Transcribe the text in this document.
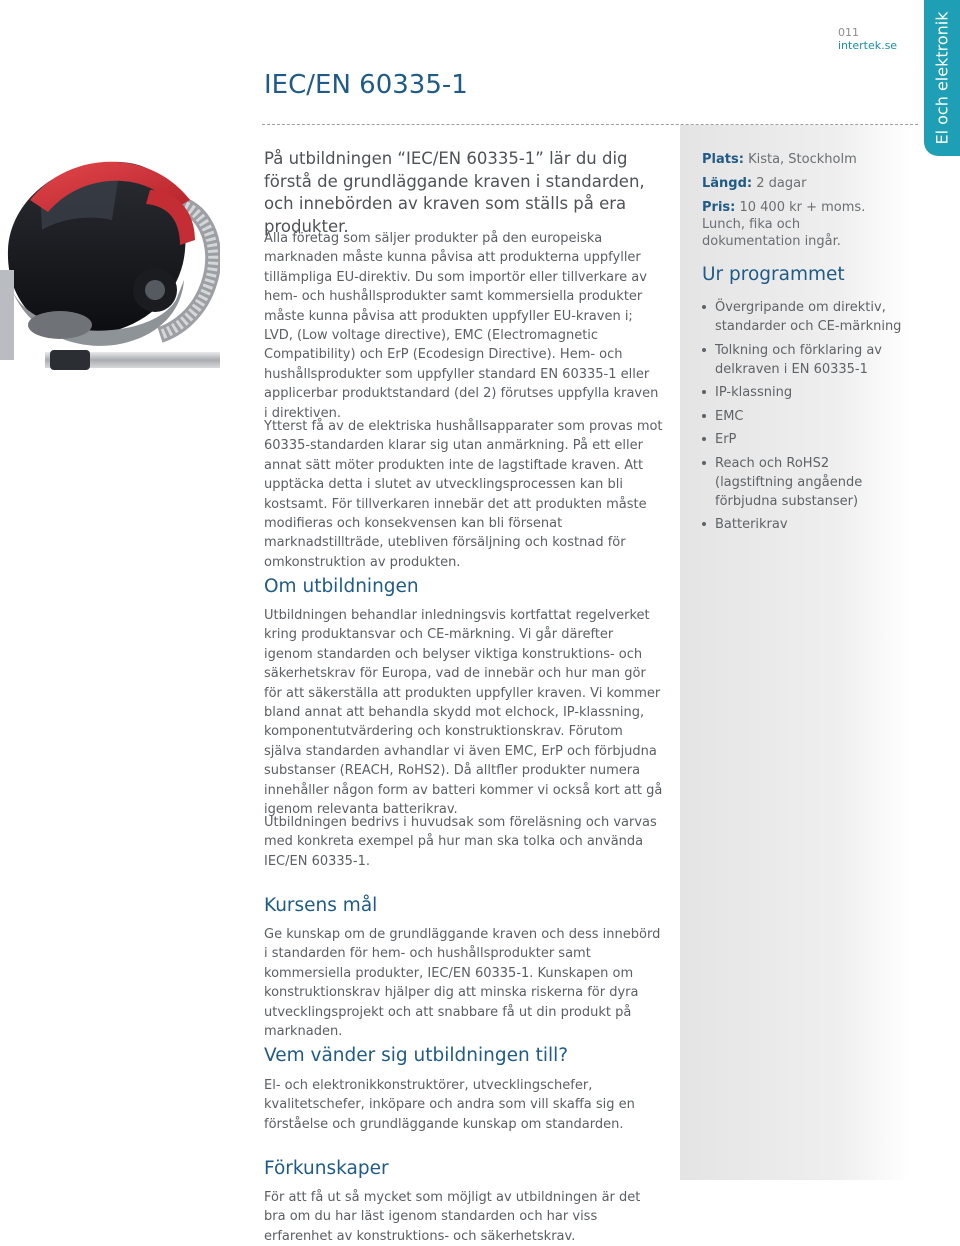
El och elektronik
011
intertek.se
IEC/EN 60335-1

På utbildningen “IEC/EN 60335-1” lär du dig förstå de grundläggande kraven i standarden, och innebörden av kraven som ställs på era produkter.

Alla företag som säljer produkter på den europeiska marknaden måste kunna påvisa att produkterna uppfyller tillämpliga EU-direktiv. Du som importör eller tillverkare av hem- och hushållsprodukter samt kommersiella produkter måste kunna påvisa att produkten uppfyller EU-kraven i; LVD, (Low voltage directive), EMC (Electromagnetic Compatibility) och ErP (Ecodesign Directive). Hem- och hushållsprodukter som uppfyller standard EN 60335-1 eller applicerbar produktstandard (del 2) förutses uppfylla kraven i direktiven.

Ytterst få av de elektriska hushållsapparater som provas mot 60335-standarden klarar sig utan anmärkning. På ett eller annat sätt möter produkten inte de lagstiftade kraven. Att upptäcka detta i slutet av utvecklingsprocessen kan bli kostsamt. För tillverkaren innebär det att produkten måste modifieras och konsekvensen kan bli försenat marknadstillträde, utebliven försäljning och kostnad för omkonstruktion av produkten.

Om utbildningen

Utbildningen behandlar inledningsvis kortfattat regelverket kring produktansvar och CE-märkning. Vi går därefter igenom standarden och belyser viktiga konstruktions- och säkerhetskrav för Europa, vad de innebär och hur man gör för att säkerställa att produkten uppfyller kraven. Vi kommer bland annat att behandla skydd mot elchock, IP-klassning, komponentutvärdering och konstruktionskrav. Förutom själva standarden avhandlar vi även EMC, ErP och förbjudna substanser (REACH, RoHS2). Då alltfler produkter numera innehåller någon form av batteri kommer vi också kort att gå igenom relevanta batterikrav.

Utbildningen bedrivs i huvudsak som föreläsning och varvas med konkreta exempel på hur man ska tolka och använda IEC/EN 60335-1.

Kursens mål

Ge kunskap om de grundläggande kraven och dess innebörd i standarden för hem- och hushållsprodukter samt kommersiella produkter, IEC/EN 60335-1. Kunskapen om konstruktionskrav hjälper dig att minska riskerna för dyra utvecklingsprojekt och att snabbare få ut din produkt på marknaden.

Vem vänder sig utbildningen till?

El- och elektronikkonstruktörer, utvecklingschefer, kvalitetschefer, inköpare och andra som vill skaffa sig en förståelse och grundläggande kunskap om standarden.

Förkunskaper

För att få ut så mycket som möjligt av utbildningen är det bra om du har läst igenom standarden och har viss erfarenhet av konstruktions- och säkerhetskrav.

Plats: Kista, Stockholm
Längd: 2 dagar
Pris: 10 400 kr + moms. Lunch, fika och dokumentation ingår.
Ur programmet
Övergripande om direktiv, standarder och CE-märkning
Tolkning och förklaring av delkraven i EN 60335-1
IP-klassning
EMC
ErP
Reach och RoHS2 (lagstiftning angående förbjudna substanser)
Batterikrav
